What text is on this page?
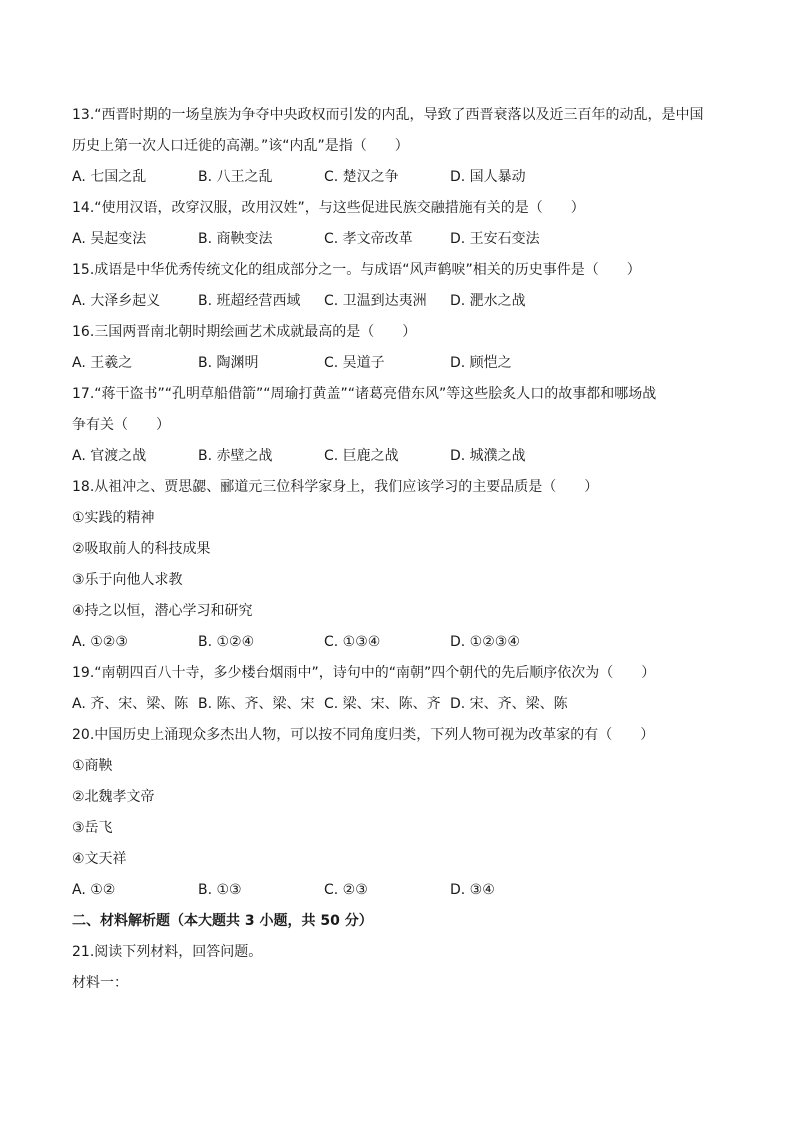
13.“西晋时期的一场皇族为争夺中央政权而引发的内乱，导致了西晋衰落以及近三百年的动乱，是中国
历史上第一次人口迁徙的高潮。”该“内乱”是指（　　）
A. 七国之乱	B. 八王之乱	C. 楚汉之争	D. 国人暴动
14.“使用汉语，改穿汉服，改用汉姓”，与这些促进民族交融措施有关的是（　　）
A. 吴起变法	B. 商鞅变法	C. 孝文帝改革	D. 王安石变法
15.成语是中华优秀传统文化的组成部分之一。与成语“风声鹤唳”相关的历史事件是（　　）
A. 大泽乡起义	B. 班超经营西域	C. 卫温到达夷洲	D. 淝水之战
16.三国两晋南北朝时期绘画艺术成就最高的是（　　）
A. 王羲之	B. 陶渊明	C. 吴道子	D. 顾恺之
17.“蒋干盗书”“孔明草船借箭”“周瑜打黄盖”“诸葛亮借东风”等这些脍炙人口的故事都和哪场战
争有关（　　）
A. 官渡之战	B. 赤壁之战	C. 巨鹿之战	D. 城濮之战
18.从祖冲之、贾思勰、郦道元三位科学家身上，我们应该学习的主要品质是（　　）
①实践的精神
②吸取前人的科技成果
③乐于向他人求教
④持之以恒，潜心学习和研究
A. ①②③	B. ①②④	C. ①③④	D. ①②③④
19.“南朝四百八十寺，多少楼台烟雨中”，诗句中的“南朝”四个朝代的先后顺序依次为（　　）
A. 齐、宋、梁、陈 B. 陈、齐、梁、宋 C. 梁、宋、陈、齐 D. 宋、齐、梁、陈
20.中国历史上涌现众多杰出人物，可以按不同角度归类，下列人物可视为改革家的有（　　）
①商鞅
②北魏孝文帝
③岳飞
④文天祥
A. ①②	B. ①③	C. ②③	D. ③④
二、材料解析题（本大题共 3 小题，共 50 分）
21.阅读下列材料，回答问题。
材料一：
